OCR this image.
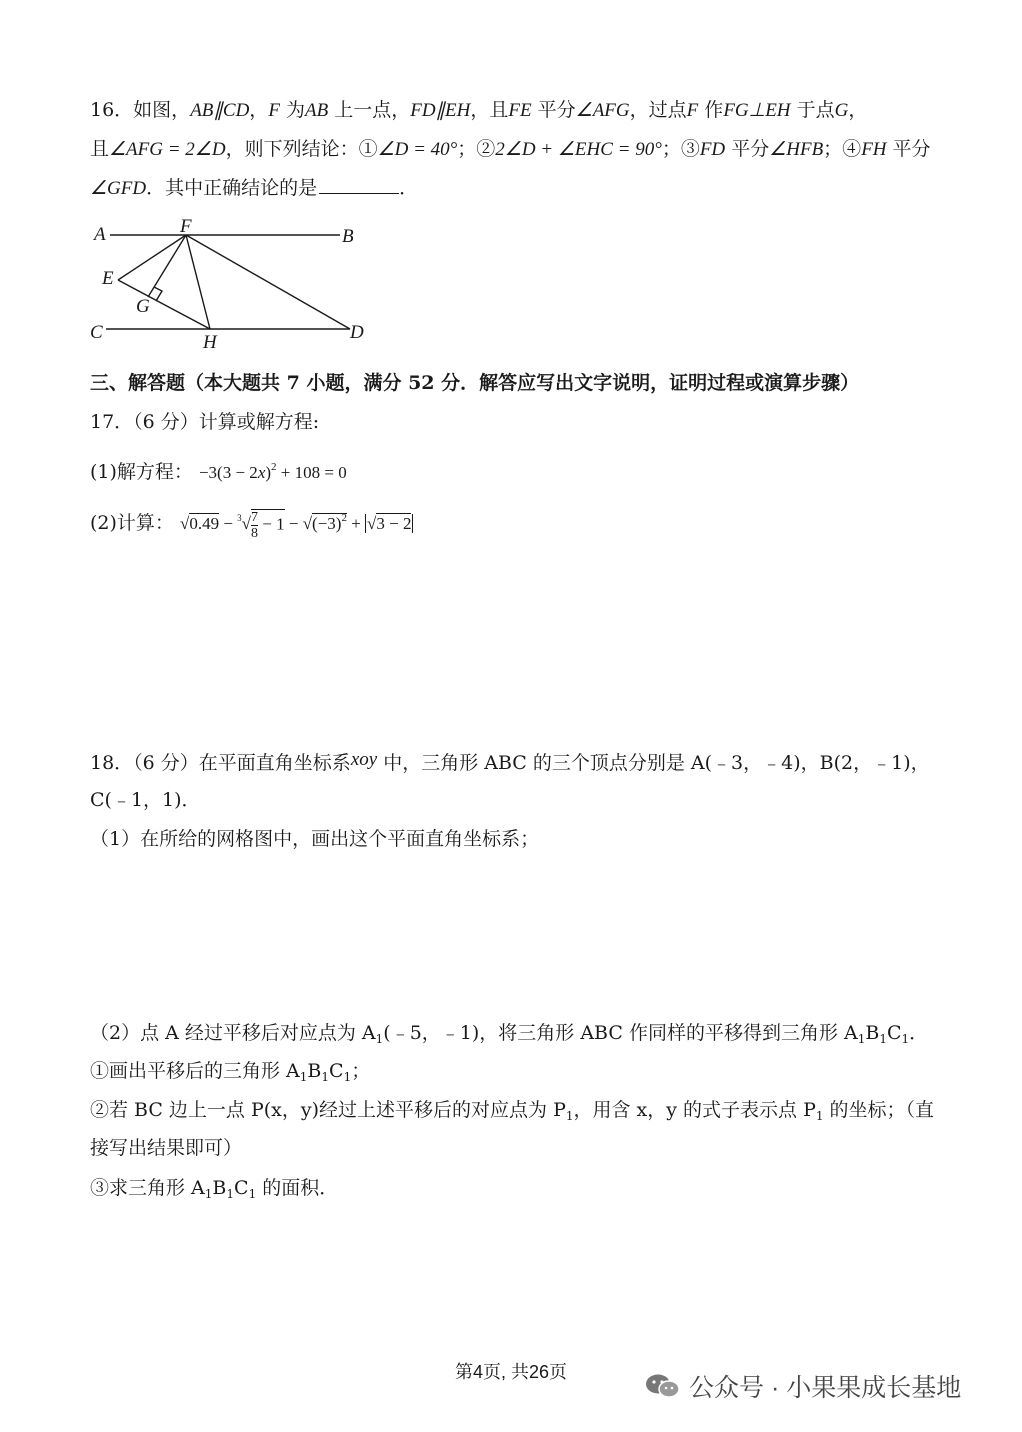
16．如图，AB∥CD，F 为AB 上一点，FD∥EH，且FE 平分∠AFG，过点F 作FG⊥EH 于点G，
且∠AFG = 2∠D，则下列结论：①∠D = 40°；②2∠D + ∠EHC = 90°；③FD 平分∠HFB；④FH 平分
∠GFD．其中正确结论的是	．
A	B
C	D
E
F
G
H
三、解答题（本大题共 7 小题，满分 52 分．解答应写出文字说明，证明过程或演算步骤）
17．（6 分）计算或解方程:
(1)解方程： $-3(3 - 2x)^2 + 108 = 0$
(2)计算： $√0.49 - ^3√ \frac{7}{8} - 1 - √(-3)^2 + √3 - 2$
18．（6 分）在平面直角坐标系xoy 中，三角形 ABC 的三个顶点分别是 A(﹣3，﹣4)，B(2，﹣1)，
C(﹣1，1)．
（1）在所给的网格图中，画出这个平面直角坐标系；
（2）点 A 经过平移后对应点为 $A_1(﹣5$，﹣1)，将三角形 ABC 作同样的平移得到三角形 $A_1B_1C_1$．
①画出平移后的三角形 $A_1B_1C_1$；
②若 BC 边上一点 P(x，y)经过上述平移后的对应点为 $P_1$，用含 x，y 的式子表示点 $P_1$ 的坐标；（直
接写出结果即可）
③求三角形 $A_1B_1C_1$ 的面积．
第4页, 共26页
公众号 · 小果果成长基地
